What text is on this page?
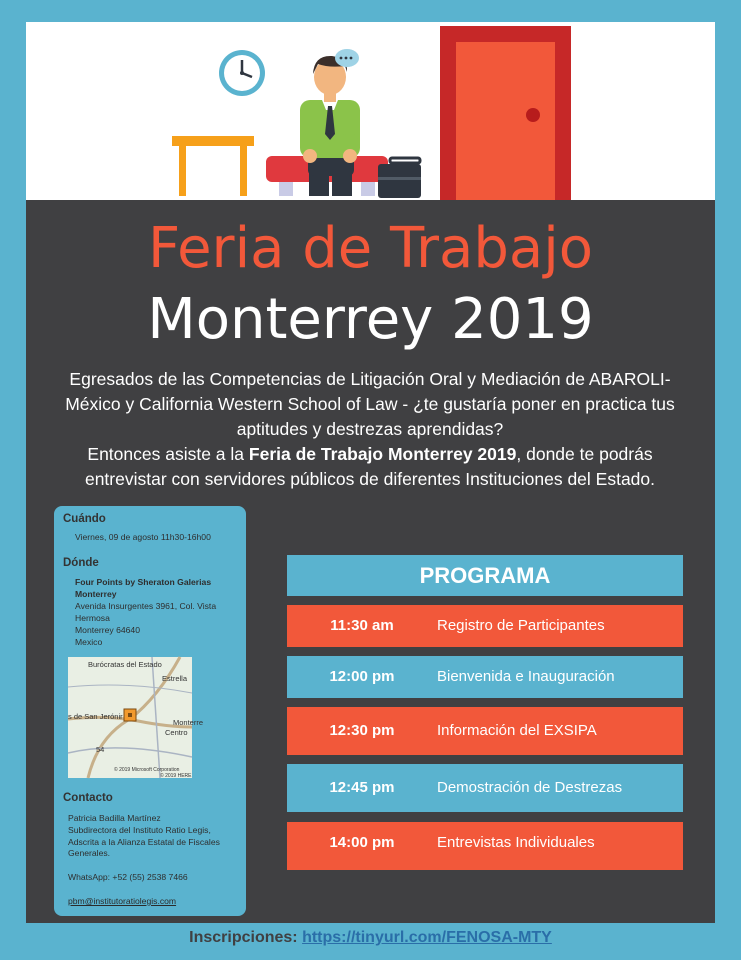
Feria de Trabajo
Monterrey 2019

Egresados de las Competencias de Litigación Oral y Mediación de ABAROLI-México y California Western School of Law - ¿te gustaría poner en practica tus aptitudes y destrezas aprendidas?

Entonces asiste a la Feria de Trabajo Monterrey 2019, donde te podrás entrevistar con servidores públicos de diferentes Instituciones del Estado.

Cuándo
Viernes, 09 de agosto 11h30-16h00
Dónde
Four Points by Sheraton Galerias Monterrey
Avenida Insurgentes 3961, Col. Vista Hermosa
Monterrey 64640
Mexico
Burócratas del Estado
Estrella
s de San Jerónir
Monterre
Centro
54
© 2019 Microsoft Corporation
© 2019 HERE
Contacto
Patricia Badilla Martínez
Subdirectora del Instituto Ratio Legis, Adscrita a la Alianza Estatal de Fiscales Generales.
WhatsApp: +52 (55) 2538 7466
pbm@institutoratiolegis.com
PROGRAMA
11:30 am	Registro de Participantes
12:00 pm	Bienvenida e Inauguración
12:30 pm	Información del EXSIPA
12:45 pm	Demostración de Destrezas
14:00 pm	Entrevistas Individuales
Inscripciones: https://tinyurl.com/FENOSA-MTY
